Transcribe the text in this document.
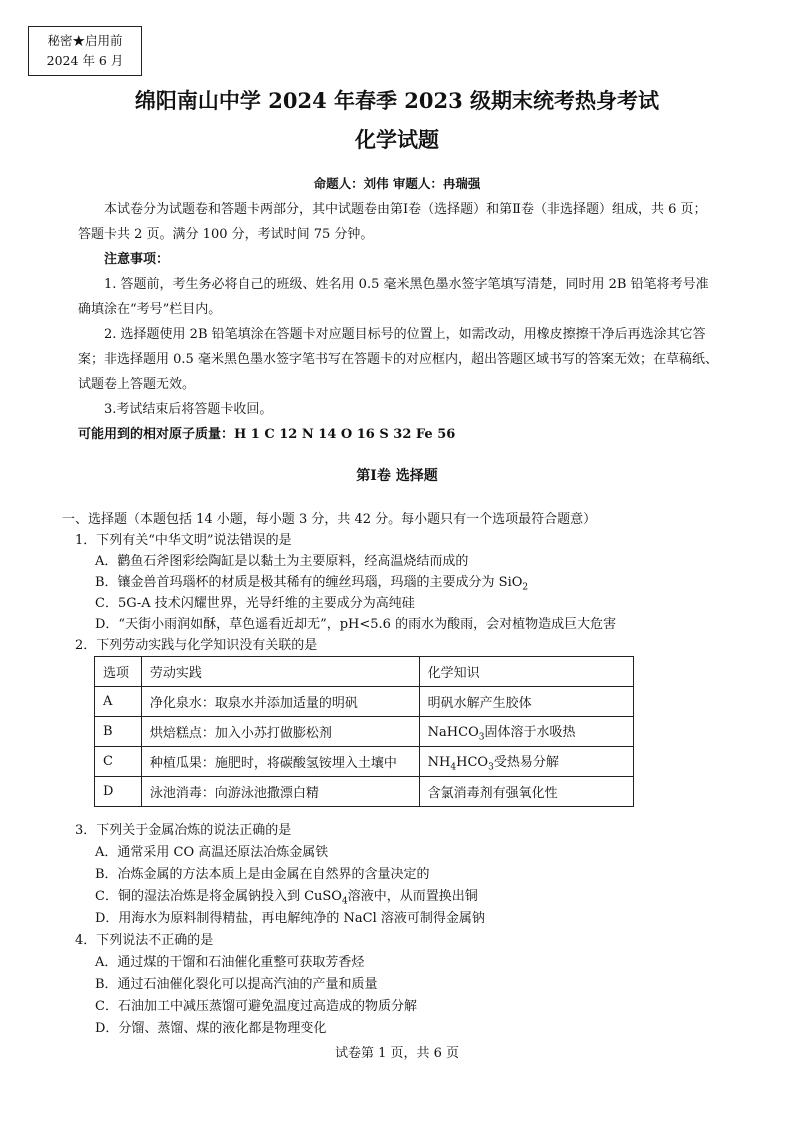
秘密★启用前
2024 年 6 月
绵阳南山中学 2024 年春季 2023 级期末统考热身考试
化学试题
命题人：刘伟 审题人：冉瑞强
本试卷分为试题卷和答题卡两部分，其中试题卷由第Ⅰ卷（选择题）和第Ⅱ卷（非选择题）组成，共 6 页；答题卡共 2 页。满分 100 分，考试时间 75 分钟。
注意事项：
1. 答题前，考生务必将自己的班级、姓名用 0.5 毫米黑色墨水签字笔填写清楚，同时用 2B 铅笔将考号准确填涂在“考号”栏目内。
2. 选择题使用 2B 铅笔填涂在答题卡对应题目标号的位置上，如需改动，用橡皮擦擦干净后再选涂其它答案；非选择题用 0.5 毫米黑色墨水签字笔书写在答题卡的对应框内，超出答题区域书写的答案无效；在草稿纸、试题卷上答题无效。
3.考试结束后将答题卡收回。
可能用到的相对原子质量：H 1 C 12 N 14 O 16 S 32 Fe 56
第Ⅰ卷 选择题
一、选择题（本题包括 14 小题，每小题 3 分，共 42 分。每小题只有一个选项最符合题意）
1．下列有关“中华文明”说法错误的是
A．鹳鱼石斧图彩绘陶缸是以黏土为主要原料，经高温烧结而成的
B．镶金兽首玛瑙杯的材质是极其稀有的缠丝玛瑙，玛瑙的主要成分为 SiO$_2$
C．5G-A 技术闪耀世界，光导纤维的主要成分为高纯硅
D．“天街小雨润如酥，草色遥看近却无”，pH<5.6 的雨水为酸雨，会对植物造成巨大危害
2．下列劳动实践与化学知识没有关联的是
选项	劳动实践	化学知识
A	净化泉水：取泉水并添加适量的明矾	明矾水解产生胶体
B	烘焙糕点：加入小苏打做膨松剂	NaHCO$_3$固体溶于水吸热
C	种植瓜果：施肥时，将碳酸氢铵埋入土壤中	$NH_4HCO_3$受热易分解
D	泳池消毒：向游泳池撒漂白精	含氯消毒剂有强氧化性
3．下列关于金属冶炼的说法正确的是
A．通常采用 CO 高温还原法冶炼金属铁
B．冶炼金属的方法本质上是由金属在自然界的含量决定的
C．铜的湿法冶炼是将金属钠投入到 CuSO$_4$溶液中，从而置换出铜
D．用海水为原料制得精盐，再电解纯净的 NaCl 溶液可制得金属钠
4．下列说法不正确的是
A．通过煤的干馏和石油催化重整可获取芳香烃
B．通过石油催化裂化可以提高汽油的产量和质量
C．石油加工中减压蒸馏可避免温度过高造成的物质分解
D．分馏、蒸馏、煤的液化都是物理变化
试卷第 1 页，共 6 页
